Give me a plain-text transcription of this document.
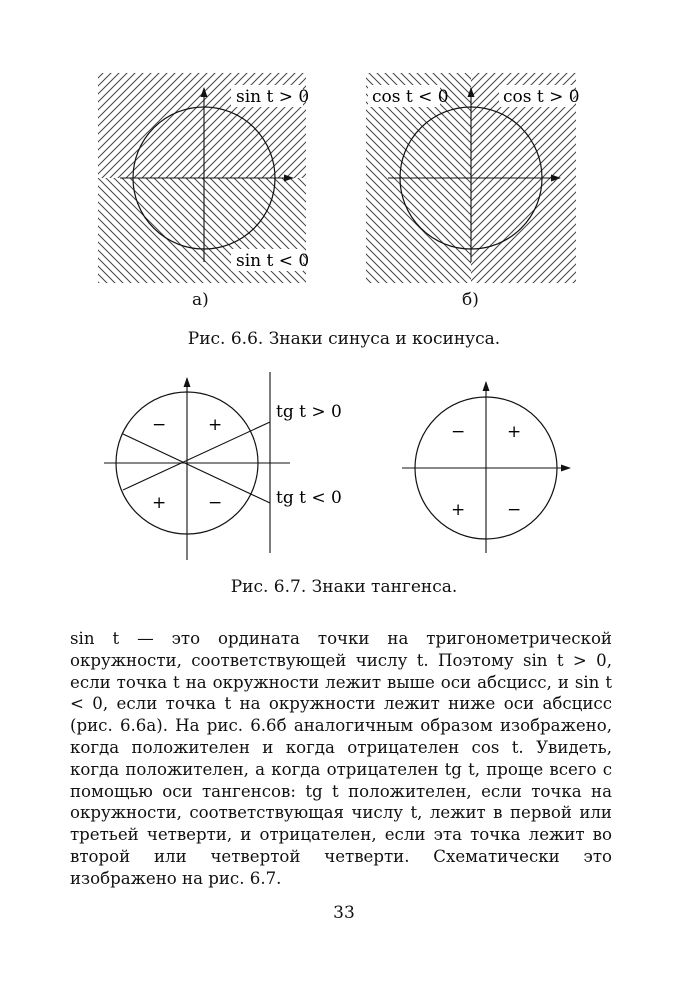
sin t > 0
sin t < 0
cos t < 0	cos t > 0
− +
+ −
tg t > 0
tg t < 0
− +
+ −
а)	б)
Рис. 6.6. Знаки синуса и косинуса.
Рис. 6.7. Знаки тангенса.

sin t — это ордината точки на тригонометрической окружности, соответствующей числу t. Поэтому sin t > 0, если точка t на окружности лежит выше оси абсцисс, и sin t < 0, если точка t на окружности лежит ниже оси абсцисс (рис. 6.6а). На рис. 6.6б аналогичным образом изображено, когда положителен и когда отрицателен cos t. Увидеть, когда положителен, а когда отрицателен tg t, проще всего с помощью оси тангенсов: tg t положителен, если точка на окружности, соответствующая числу t, лежит в первой или третьей четверти, и отрицателен, если эта точка лежит во второй или четвертой четверти. Схематически это изображено на рис. 6.7.

33
